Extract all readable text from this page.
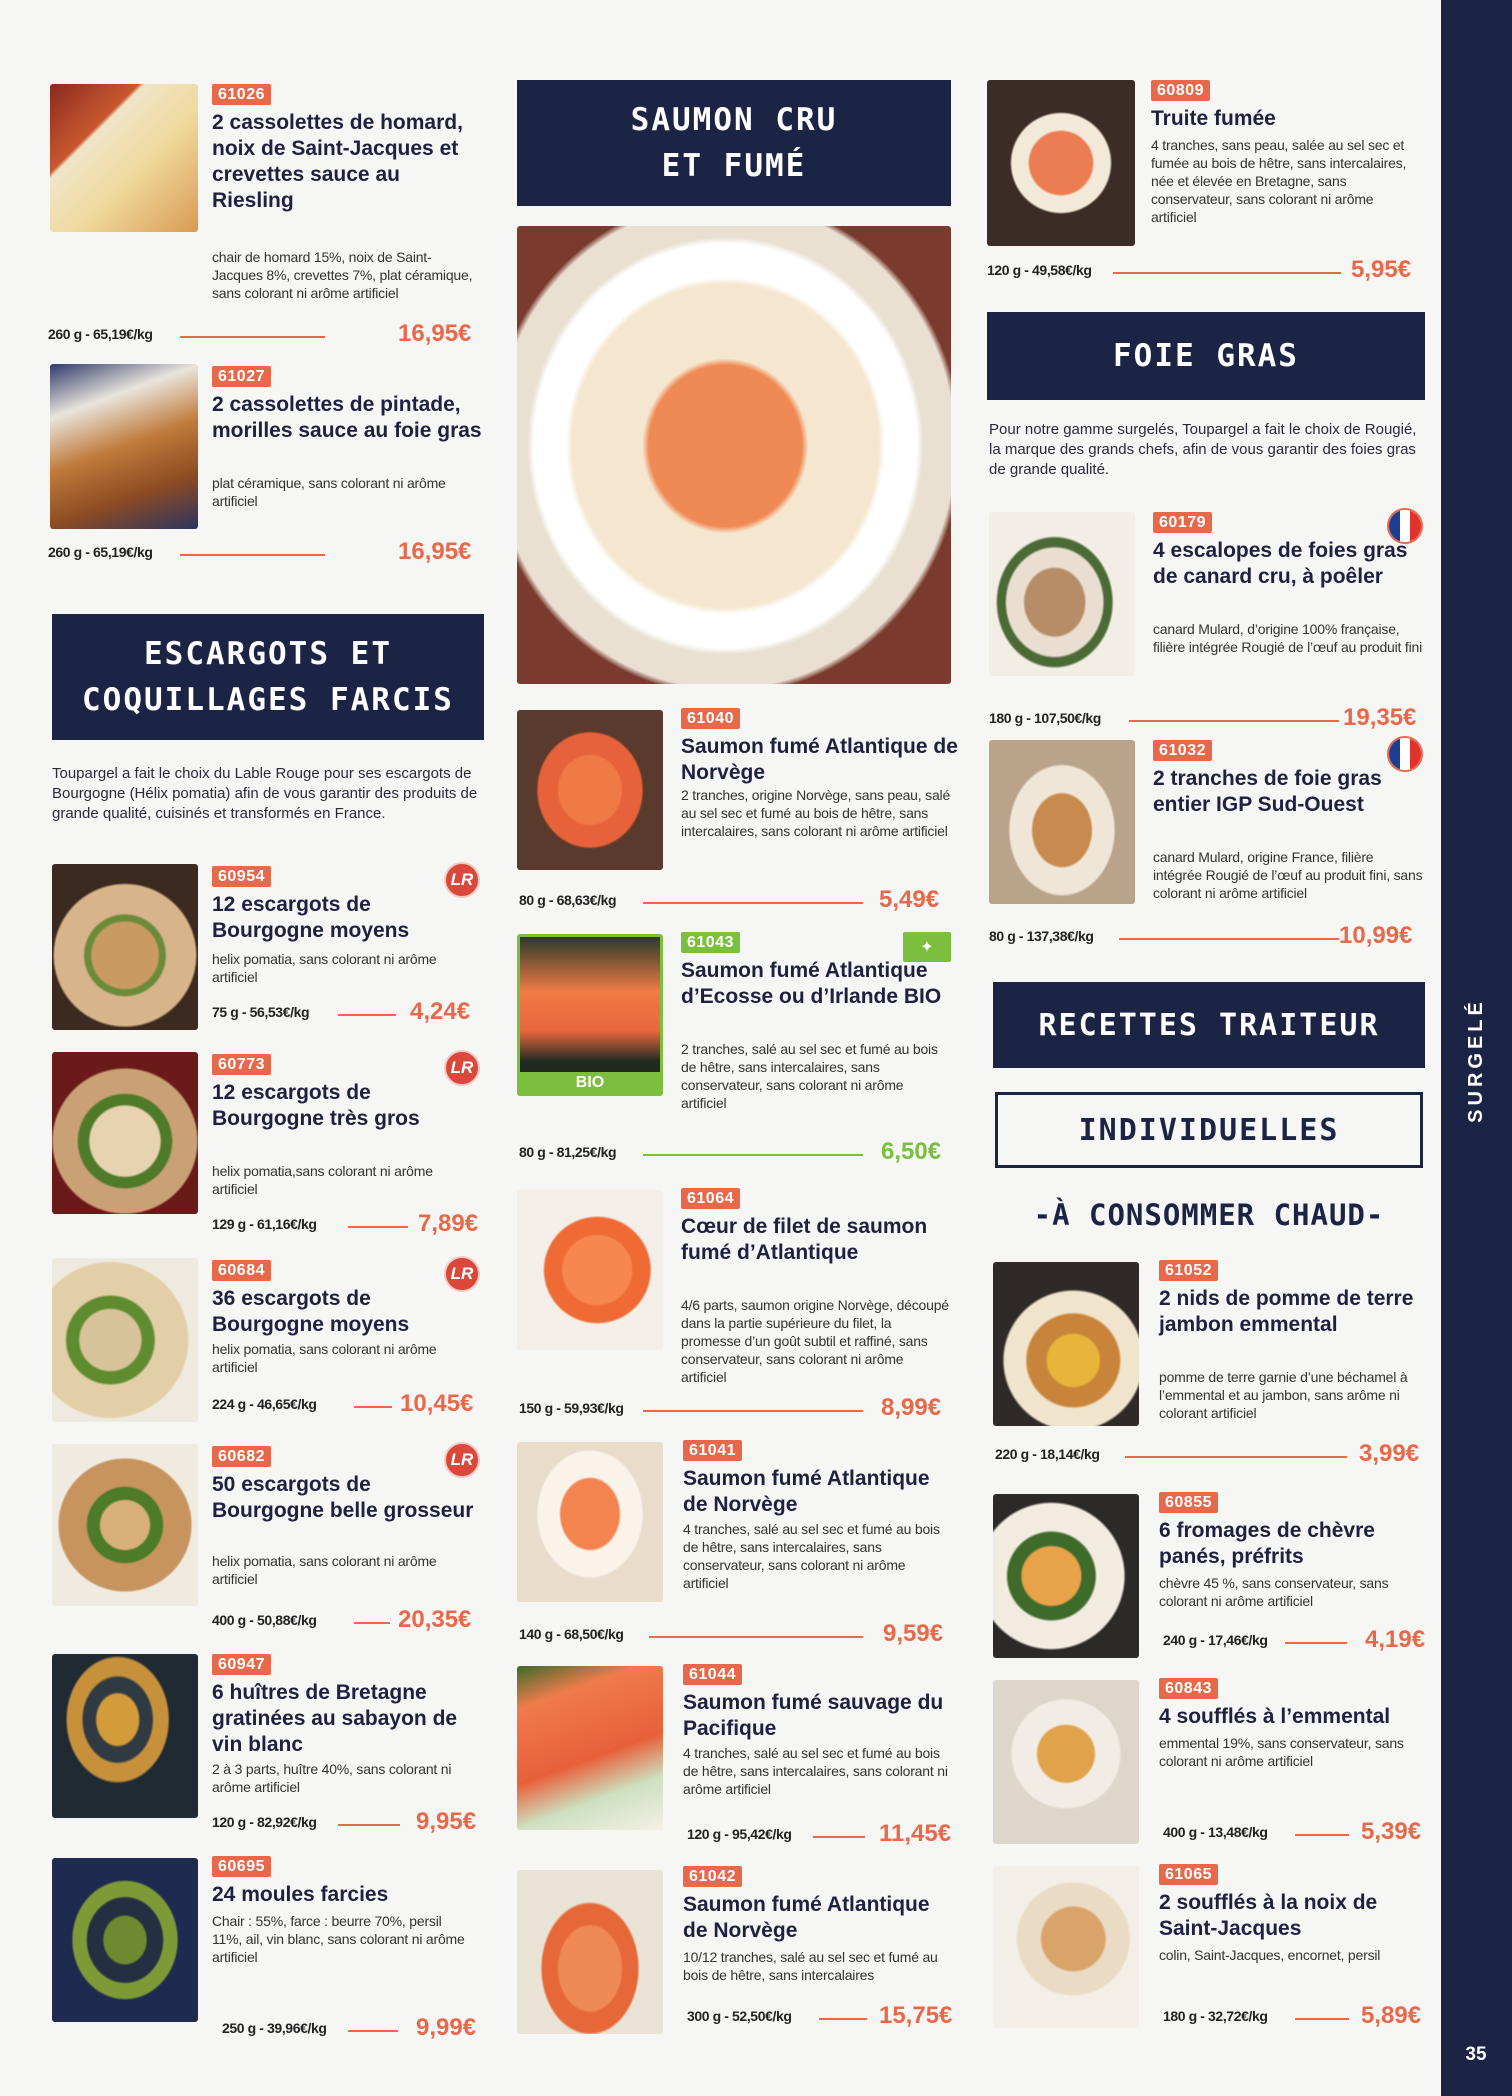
61026
2 cassolettes de homard, noix de Saint-Jacques et crevettes sauce au Riesling
chair de homard 15%, noix de Saint-Jacques 8%, crevettes 7%, plat céramique, sans colorant ni arôme artificiel
260 g - 65,19€/kg	16,95€
61027
2 cassolettes de pintade, morilles sauce au foie gras
plat céramique, sans colorant ni arôme artificiel
260 g - 65,19€/kg	16,95€
ESCARGOTS ET COQUILLAGES FARCIS
Toupargel a fait le choix du Lable Rouge pour ses escargots de Bourgogne (Hélix pomatia) afin de vous garantir des produits de grande qualité, cuisinés et transformés en France.
60954	LR
12 escargots de Bourgogne moyens
helix pomatia, sans colorant ni arôme artificiel
75 g - 56,53€/kg	4,24€
60773	LR
12 escargots de Bourgogne très gros
helix pomatia,sans colorant ni arôme artificiel
129 g - 61,16€/kg	7,89€
60684	LR
36 escargots de Bourgogne moyens
helix pomatia, sans colorant ni arôme artificiel
224 g - 46,65€/kg	10,45€
60682	LR
50 escargots de Bourgogne belle grosseur
helix pomatia, sans colorant ni arôme artificiel
400 g - 50,88€/kg	20,35€
60947
6 huîtres de Bretagne gratinées au sabayon de vin blanc
2 à 3 parts, huître 40%, sans colorant ni arôme artificiel
120 g - 82,92€/kg	9,95€
60695
24 moules farcies
Chair : 55%, farce : beurre 70%, persil 11%, ail, vin blanc, sans colorant ni arôme artificiel
250 g - 39,96€/kg	9,99€
SAUMON CRU ET FUMÉ
61040
Saumon fumé Atlantique de Norvège
2 tranches, origine Norvège, sans peau, salé au sel sec et fumé au bois de hêtre, sans intercalaires, sans colorant ni arôme artificiel
80 g - 68,63€/kg	5,49€
BIO
61043	✦
Saumon fumé Atlantique d’Ecosse ou d’Irlande BIO
2 tranches, salé au sel sec et fumé au bois de hêtre, sans intercalaires, sans conservateur, sans colorant ni arôme artificiel
80 g - 81,25€/kg	6,50€
61064
Cœur de filet de saumon fumé d’Atlantique
4/6 parts, saumon origine Norvège, découpé dans la partie supérieure du filet, la promesse d’un goût subtil et raffiné, sans conservateur, sans colorant ni arôme artificiel
150 g - 59,93€/kg	8,99€
61041
Saumon fumé Atlantique de Norvège
4 tranches, salé au sel sec et fumé au bois de hêtre, sans intercalaires, sans conservateur, sans colorant ni arôme artificiel
140 g - 68,50€/kg	9,59€
61044
Saumon fumé sauvage du Pacifique
4 tranches, salé au sel sec et fumé au bois de hêtre, sans intercalaires, sans colorant ni arôme artificiel
120 g - 95,42€/kg	11,45€
61042
Saumon fumé Atlantique de Norvège
10/12 tranches, salé au sel sec et fumé au bois de hêtre, sans intercalaires
300 g - 52,50€/kg	15,75€
60809
Truite fumée
4 tranches, sans peau, salée au sel sec et fumée au bois de hêtre, sans intercalaires, née et élevée en Bretagne, sans conservateur, sans colorant ni arôme artificiel
120 g - 49,58€/kg	5,95€
FOIE GRAS
Pour notre gamme surgelés, Toupargel a fait le choix de Rougié, la marque des grands chefs, afin de vous garantir des foies gras de grande qualité.
60179
4 escalopes de foies gras de canard cru, à poêler
canard Mulard, d’origine 100% française, filière intégrée Rougié de l’œuf au produit fini
180 g - 107,50€/kg	19,35€
61032
2 tranches de foie gras entier IGP Sud-Ouest
canard Mulard, origine France, filière intégrée Rougié de l’œuf au produit fini, sans colorant ni arôme artificiel
80 g - 137,38€/kg	10,99€
RECETTES TRAITEUR
INDIVIDUELLES
-À CONSOMMER CHAUD-
61052
2 nids de pomme de terre jambon emmental
pomme de terre garnie d’une béchamel à l’emmental et au jambon, sans arôme ni colorant artificiel
220 g - 18,14€/kg	3,99€
60855
6 fromages de chèvre panés, préfrits
chèvre 45 %, sans conservateur, sans colorant ni arôme artificiel
240 g - 17,46€/kg	4,19€
60843
4 soufflés à l’emmental
emmental 19%, sans conservateur, sans colorant ni arôme artificiel
400 g - 13,48€/kg	5,39€
61065
2 soufflés à la noix de Saint-Jacques
colin, Saint-Jacques, encornet, persil
180 g - 32,72€/kg	5,89€
SURGELÉ
35
